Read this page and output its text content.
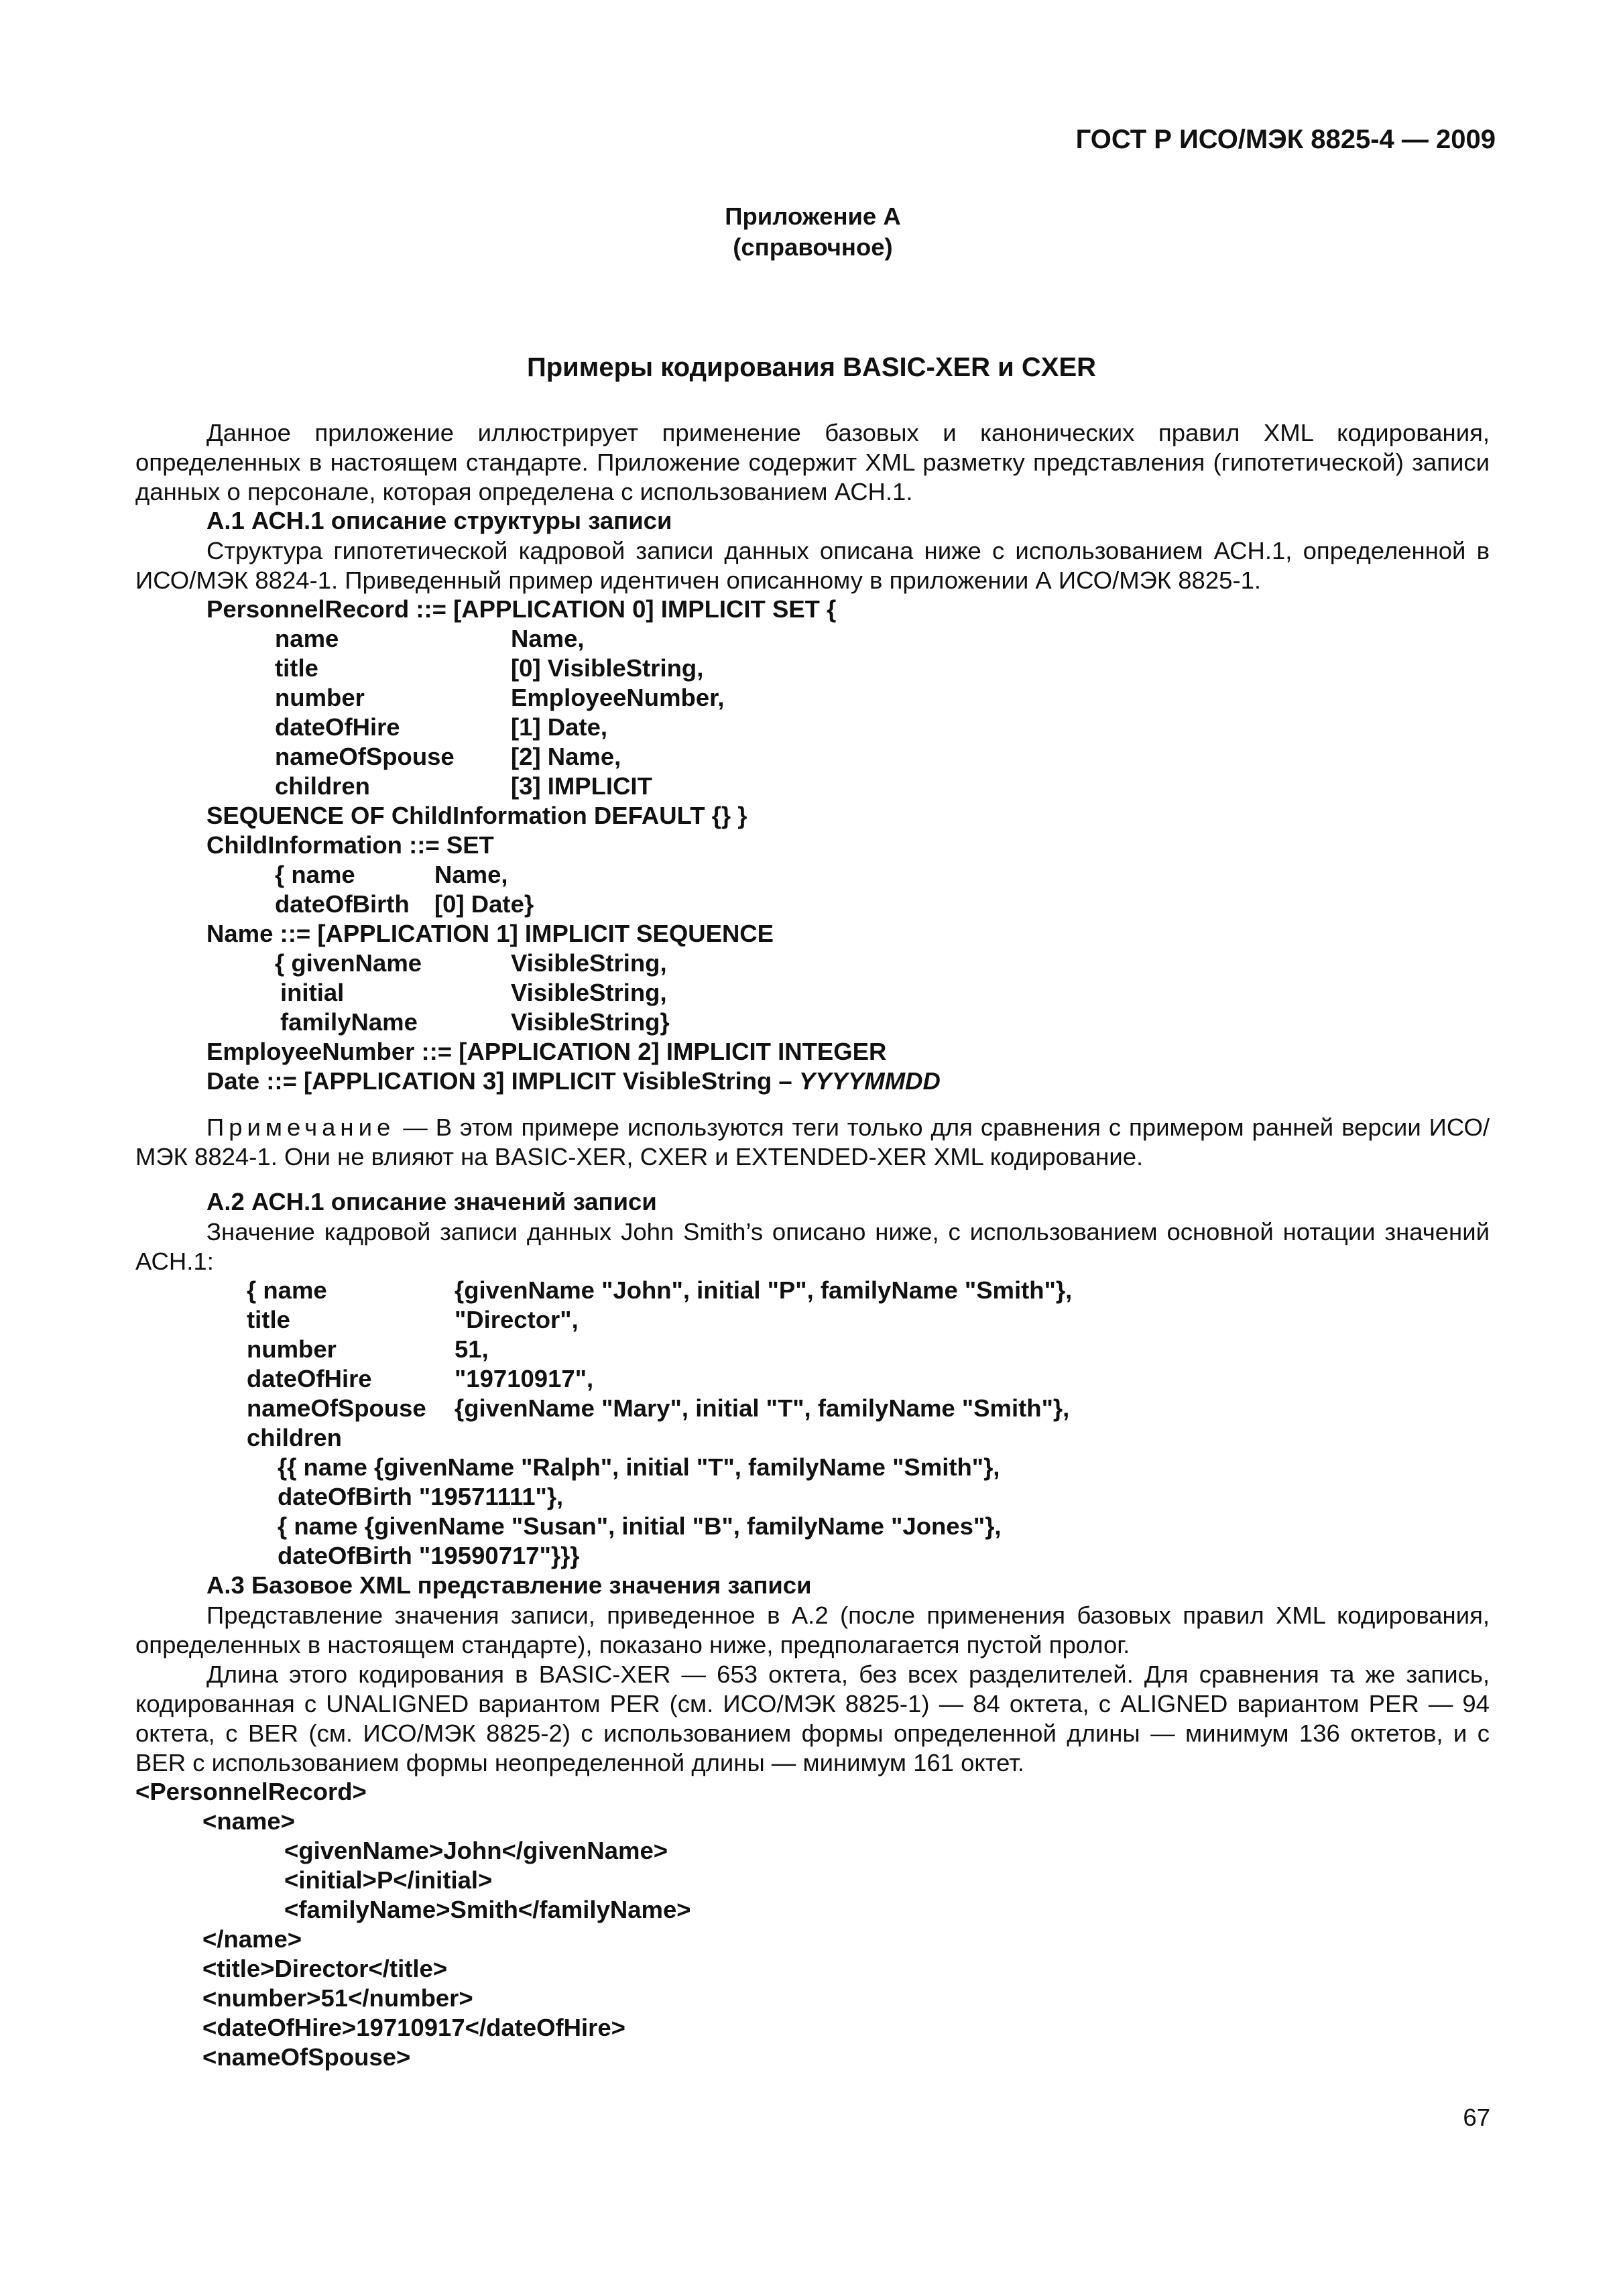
ГОСТ Р ИСО/МЭК 8825-4 — 2009
Приложение А
(справочное)
Примеры кодирования BASIC-XER и CXER
Данное приложение иллюстрирует применение базовых и канонических правил XML кодирования, определенных в настоящем стандарте. Приложение содержит XML разметку представления (гипотетической) записи данных о персонале, которая определена с использованием АСН.1.
А.1 АСН.1 описание структуры записи
Структура гипотетической кадровой записи данных описана ниже с использованием АСН.1, определенной в ИСО/МЭК 8824-1. Приведенный пример идентичен описанному в приложении А ИСО/МЭК 8825-1.
PersonnelRecord ::= [APPLICATION 0] IMPLICIT SET {
name	Name,
title	[0] VisibleString,
number	EmployeeNumber,
dateOfHire	[1] Date,
nameOfSpouse [2] Name,
children	[3] IMPLICIT
SEQUENCE OF ChildInformation DEFAULT {} }
ChildInformation ::= SET
{ name	Name,
dateOfBirth [0] Date}
Name ::= [APPLICATION 1] IMPLICIT SEQUENCE
{ givenName	VisibleString,
initial	VisibleString,
familyName	VisibleString}
EmployeeNumber ::= [APPLICATION 2] IMPLICIT INTEGER
Date ::= [APPLICATION 3] IMPLICIT VisibleString – YYYYMMDD
Примечание — В этом примере используются теги только для сравнения с примером ранней версии ИСО/МЭК 8824-1. Они не влияют на BASIC-XER, CXER и EXTENDED-XER XML кодирование.
А.2 АСН.1 описание значений записи
Значение кадровой записи данных John Smith’s описано ниже, с использованием основной нотации значений АСН.1:
{ name	{givenName "John", initial "P", familyName "Smith"},
title	"Director",
number	51,
dateOfHire	"19710917",
nameOfSpouse {givenName "Mary", initial "T", familyName "Smith"},
children
{{ name {givenName "Ralph", initial "T", familyName "Smith"},
dateOfBirth "19571111"},
{ name {givenName "Susan", initial "B", familyName "Jones"},
dateOfBirth "19590717"}}}
А.3 Базовое XML представление значения записи
Представление значения записи, приведенное в А.2 (после применения базовых правил XML кодирования, определенных в настоящем стандарте), показано ниже, предполагается пустой пролог.
Длина этого кодирования в BASIC-XER — 653 октета, без всех разделителей. Для сравнения та же запись, кодированная с UNALIGNED вариантом PER (см. ИСО/МЭК 8825-1) — 84 октета, с ALIGNED вариантом PER — 94 октета, с BER (см. ИСО/МЭК 8825-2) с использованием формы определенной длины — минимум 136 октетов, и с BER с использованием формы неопределенной длины — минимум 161 октет.
<PersonnelRecord>
<name>
<givenName>John</givenName>
<initial>P</initial>
<familyName>Smith</familyName>
</name>
<title>Director</title>
<number>51</number>
<dateOfHire>19710917</dateOfHire>
<nameOfSpouse>
67
